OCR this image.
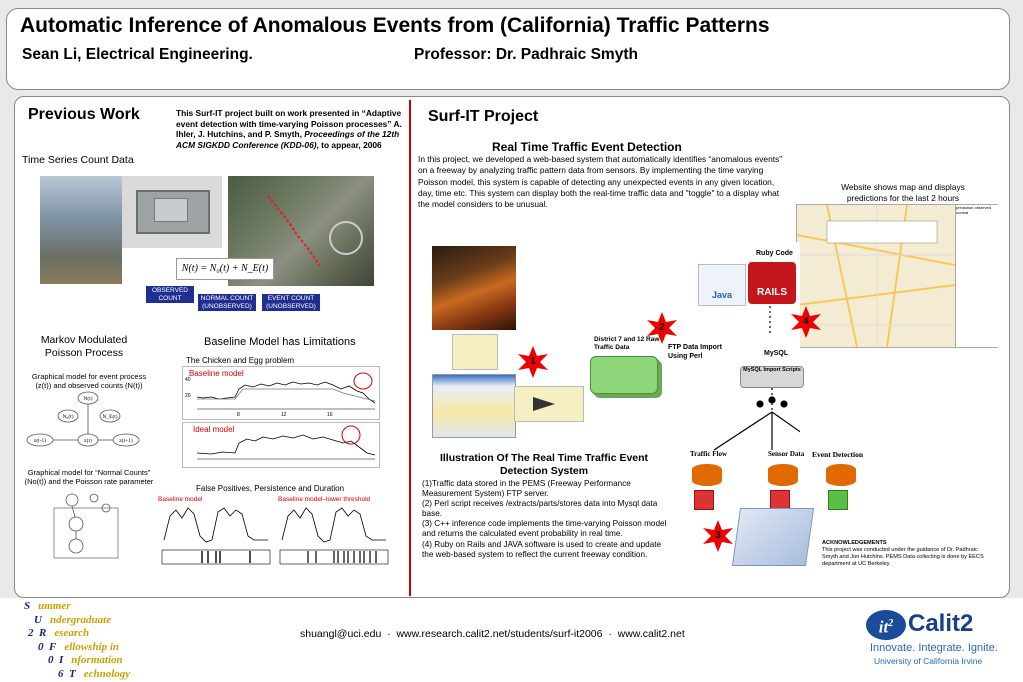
Automatic Inference of Anomalous Events from (California) Traffic Patterns
Sean Li, Electrical Engineering.	Professor: Dr. Padhraic Smyth
Previous Work	This Surf-IT project built on work presented in “Adaptive event detection with time-varying Poisson processes” A. Ihler, J. Hutchins, and P. Smyth, Proceedings of the 12th ACM SIGKDD Conference (KDD-06), to appear, 2006
Time Series Count Data
N(t) = N₀(t) + N_E(t)
OBSERVED COUNT	NORMAL COUNT (UNOBSERVED)
EVENT COUNT (UNOBSERVED)
Markov Modulated Poisson Process
Graphical model for event process (z(t)) and observed counts (N(t))
N(t)
N₀(t)	N_E(t)
z(t-1)	z(t)	z(t+1)
Graphical model for “Normal Counts” (No(t)) and the Poisson rate parameter
Baseline Model has Limitations
The Chicken and Egg problem
40
20
8	12	16
Baseline model
Ideal model
False Positives, Persistence and Duration
Baseline model	Baseline model–lower threshold
Surf-IT Project
Real Time Traffic Event Detection
In this project, we developed a web-based system that automatically identifies “anomalous events” on a freeway by analyzing traffic pattern data from sensors. By implementing the time varying Poisson model, this system is capable of detecting any unexpected events in any given location, day, time etc. This system can display both the real-time traffic data and "toggle" to a display what the model considers to be unusual.
Website shows map and displays predictions for the last 2 hours
prediction observed normal
Java
Ruby Code
RAILS
District 7 and 12 Raw Traffic Data	FTP Data Import Using Perl	MySQL
MySQL Import Scripts
Traffic Flow	Sensor Data Event Detection
1
2
3
4
Illustration Of The Real Time Traffic Event Detection System
(1)Traffic data stored in the PEMS (Freeway Performance Measurement System) FTP server.
(2) Perl script receives /extracts/parts/stores data into Mysql data base.
(3) C++ inference code implements the time-varying Poisson model and returns the calculated event probability in real time.
(4) Ruby on Rails and JAVA software is used to create and update the web-based system to reflect the current freeway condition.
ACKNOWLEDGEMENTS
This project was conducted under the guidance of Dr. Padhraic Smyth and Jon Hutchins. PEMS Data collecting is done by EECS department at UC Berkeley.
S ummer
U ndergraduate
2  R esearch
0  F ellowship in
0  I nformation
6  T echnology
shuangl@uci.edu  ·  www.research.calit2.net/students/surf-it2006  ·  www.calit2.net	$it^2$ Calit2
Innovate. Integrate. Ignite.
University of California Irvine
